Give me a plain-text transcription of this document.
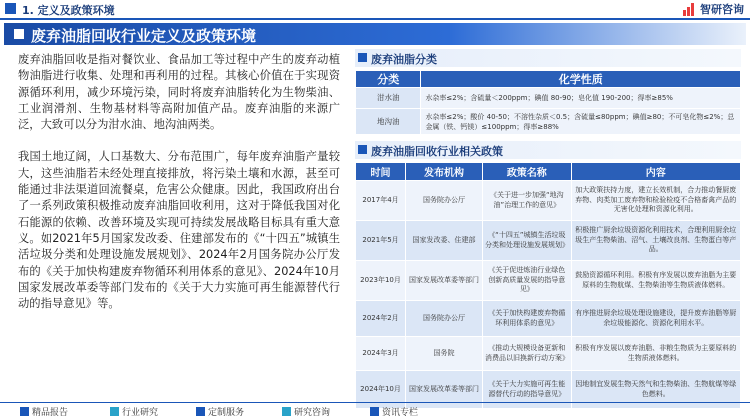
1. 定义及政策环境	智研咨询
废弃油脂回收行业定义及政策环境

废弃油脂回收是指对餐饮业、食品加工等过程中产生的废弃动植物油脂进行收集、处理和再利用的过程。其核心价值在于实现资源循环利用，减少环境污染，同时将废弃油脂转化为生物柴油、工业润滑剂、生物基材料等高附加值产品。废弃油脂的来源广泛，大致可以分为泔水油、地沟油两类。

我国土地辽阔，人口基数大、分布范围广，每年废弃油脂产量较大，这些油脂若未经处理直接排放，将污染土壤和水源，甚至可能通过非法渠道回流餐桌，危害公众健康。因此，我国政府出台了一系列政策积极推动废弃油脂回收利用，这对于降低我国对化石能源的依赖、改善环境及实现可持续发展战略目标具有重大意义。如2021年5月国家发改委、住建部发布的《“十四五”城镇生活垃圾分类和处理设施发展规划》、2024年2月国务院办公厅发布的《关于加快构建废弃物循环利用体系的意见》、2024年10月国家发展改革委等部门发布的《关于大力实施可再生能源替代行动的指导意见》等。

废弃油脂分类
分类	化学性质
泔水油	水杂率≤2%；含硫量＜200ppm；碘值 80-90；皂化值 190-200；得率≥85%
地沟油	水杂率≤2%；酸价 40-50；不溶性杂质＜0.5；含硫量≤80ppm；碘值≥80；不可皂化物≤2%；总金属（铁、钙镁）≤100ppm；得率≥88%
废弃油脂回收行业相关政策
时间	发布机构	政策名称	内容
2017年4月	国务院办公厅	《关于进一步加强“地沟油”治理工作的意见》	加大政策扶持力度，建立长效机制，合力推动餐厨废弃物、肉类加工废弃物和检验检疫不合格畜禽产品的无害化处理和资源化利用。
2021年5月	国家发改委、住建部	《“十四五”城镇生活垃圾分类和处理设施发展规划》	积极推广厨余垃圾资源化利用技术，合理利用厨余垃圾生产生物柴油、沼气、土壤改良剂、生物蛋白等产品。
2023年10月	国家发展改革委等部门	《关于促进炼油行业绿色创新高质量发展的指导意见》	鼓励资源循环利用。积极有序发展以废弃油脂为主要原料的生物航煤、生物柴油等生物质液体燃料。
2024年2月	国务院办公厅	《关于加快构建废弃物循环利用体系的意见》	有序推进厨余垃圾处理设施建设，提升废弃油脂等厨余垃圾能源化、资源化利用水平。
2024年3月	国务院	《推动大规模设备更新和消费品以旧换新行动方案》	积极有序发展以废弃油脂、非粮生物质为主要原料的生物质液体燃料。
2024年10月	国家发展改革委等部门	《关于大力实施可再生能源替代行动的指导意见》	因地制宜发展生物天然气和生物柴油、生物航煤等绿色燃料。
精品报告	行业研究	定制服务	研究咨询	资讯专栏
